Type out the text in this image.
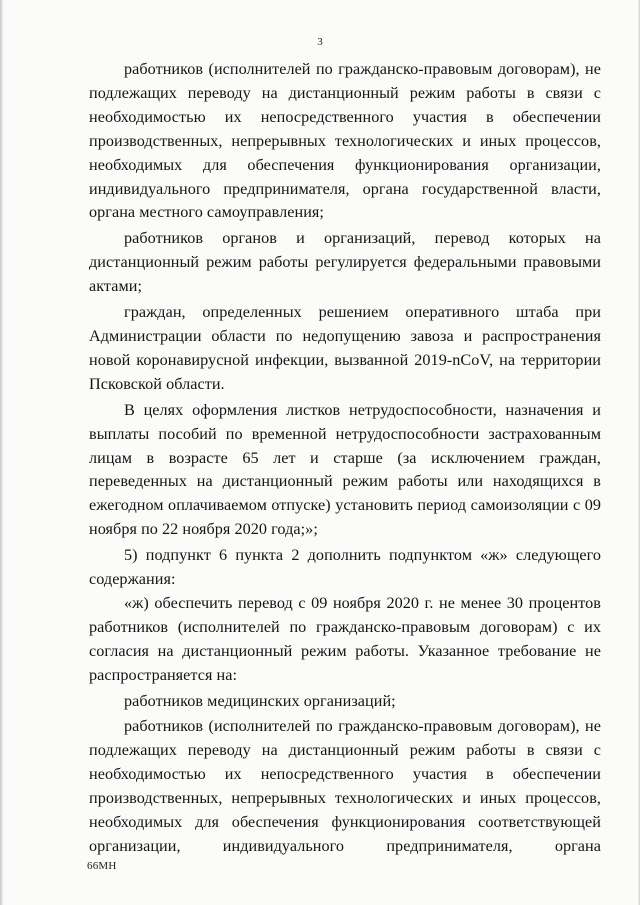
3

работников (исполнителей по гражданско-правовым договорам), не подлежащих переводу на дистанционный режим работы в связи с необходимостью их непосредственного участия в обеспечении производственных, непрерывных технологических и иных процессов, необходимых для обеспечения функционирования организации, индивидуального предпринимателя, органа государственной власти, органа местного самоуправления;

работников органов и организаций, перевод которых на дистанционный режим работы регулируется федеральными правовыми актами;

граждан, определенных решением оперативного штаба при Администрации области по недопущению завоза и распространения новой коронавирусной инфекции, вызванной 2019-nCoV, на территории Псковской области.

В целях оформления листков нетрудоспособности, назначения и выплаты пособий по временной нетрудоспособности застрахованным лицам в возрасте 65 лет и старше (за исключением граждан, переведенных на дистанционный режим работы или находящихся в ежегодном оплачиваемом отпуске) установить период самоизоляции с 09 ноября по 22 ноября 2020 года;»;

5) подпункт 6 пункта 2 дополнить подпунктом «ж» следующего содержания:

«ж) обеспечить перевод с 09 ноября 2020 г. не менее 30 процентов работников (исполнителей по гражданско-правовым договорам) с их согласия на дистанционный режим работы. Указанное требование не распространяется на:

работников медицинских организаций;

работников (исполнителей по гражданско-правовым договорам), не подлежащих переводу на дистанционный режим работы в связи с необходимостью их непосредственного участия в обеспечении производственных, непрерывных технологических и иных процессов, необходимых для обеспечения функционирования соответствующей организации, индивидуального предпринимателя, органа

66МН
